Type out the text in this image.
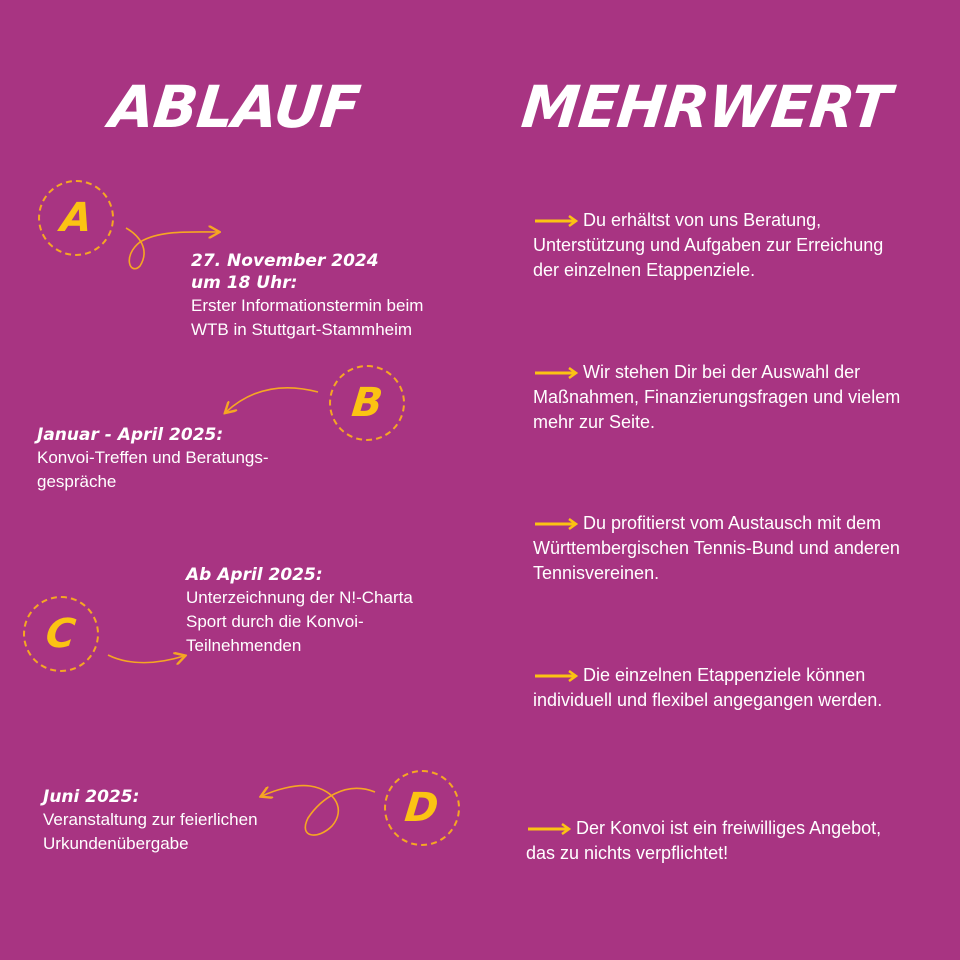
ABLAUF	MEHRWERT
A
B
C
D
27. November 2024 um 18 Uhr:
Erster Informationstermin beim WTB in Stuttgart-Stammheim
Januar - April 2025:
Konvoi-Treffen und Beratungs-gespräche
Ab April 2025:
Unterzeichnung der N!-Charta Sport durch die Konvoi-Teilnehmenden
Juni 2025:
Veranstaltung zur feierlichen Urkundenübergabe
Du erhältst von uns Beratung, Unterstützung und Aufgaben zur Erreichung der einzelnen Etappenziele.
Wir stehen Dir bei der Auswahl der Maßnahmen, Finanzierungsfragen und vielem mehr zur Seite.
Du profitierst vom Austausch mit dem Württembergischen Tennis-Bund und anderen Tennisvereinen.
Die einzelnen Etappenziele können individuell und flexibel angegangen werden.
Der Konvoi ist ein freiwilliges Angebot, das zu nichts verpflichtet!
